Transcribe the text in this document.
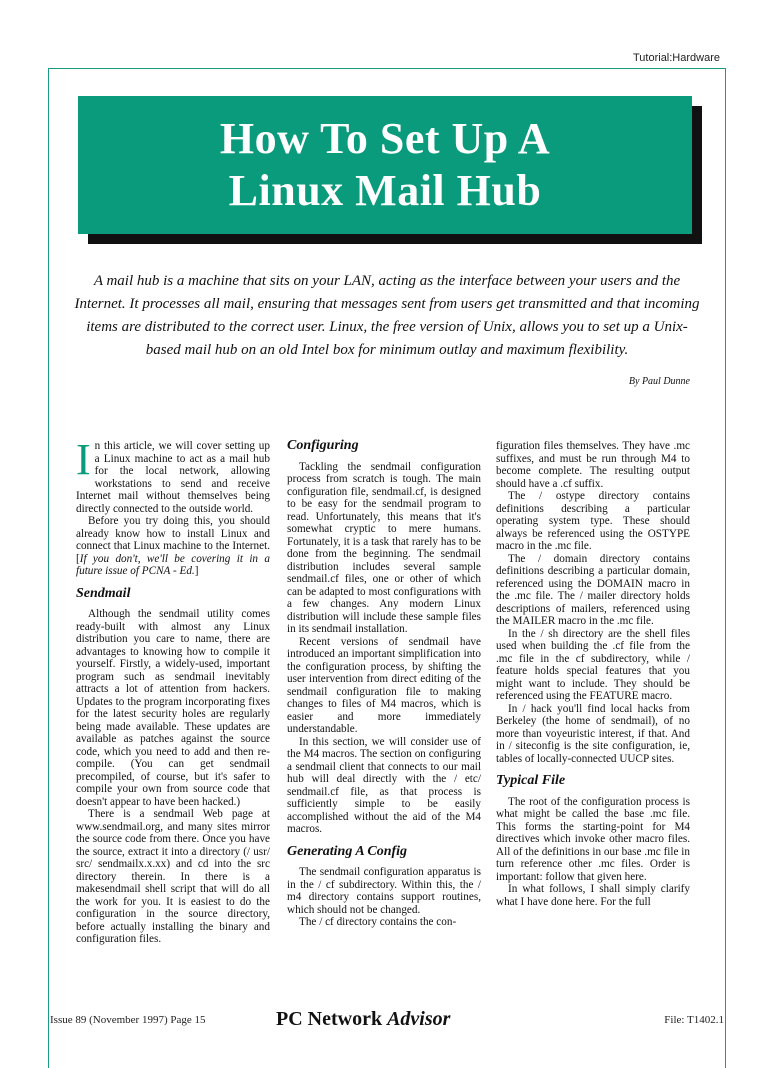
Tutorial:Hardware
How To Set Up A
Linux Mail Hub
A mail hub is a machine that sits on your LAN, acting as the interface between your users and the Internet. It processes all mail, ensuring that messages sent from users get transmitted and that incoming items are distributed to the correct user. Linux, the free version of Unix, allows you to set up a Unix-based mail hub on an old Intel box for minimum outlay and maximum flexibility.
By Paul Dunne

In this article, we will cover setting up a Linux machine to act as a mail hub for the local network, allowing workstations to send and receive Internet mail without themselves being directly connected to the outside world.

Before you try doing this, you should already know how to install Linux and connect that Linux machine to the Internet. [If you don't, we'll be covering it in a future issue of PCNA - Ed.]

Sendmail

Although the sendmail utility comes ready-built with almost any Linux distribution you care to name, there are advantages to knowing how to compile it yourself. Firstly, a widely-used, important program such as sendmail inevitably attracts a lot of attention from hackers. Updates to the program incorporating fixes for the latest security holes are regularly being made available. These updates are available as patches against the source code, which you need to add and then re-compile. (You can get sendmail precompiled, of course, but it's safer to compile your own from source code that doesn't appear to have been hacked.)

There is a sendmail Web page at www.sendmail.org, and many sites mirror the source code from there. Once you have the source, extract it into a directory (/ usr/ src/ sendmailx.x.xx) and cd into the src directory therein. In there is a makesendmail shell script that will do all the work for you. It is easiest to do the configuration in the source directory, before actually installing the binary and configuration files.

Configuring

Tackling the sendmail configuration process from scratch is tough. The main configuration file, sendmail.cf, is designed to be easy for the sendmail program to read. Unfortunately, this means that it's somewhat cryptic to mere humans. Fortunately, it is a task that rarely has to be done from the beginning. The sendmail distribution includes several sample sendmail.cf files, one or other of which can be adapted to most configurations with a few changes. Any modern Linux distribution will include these sample files in its sendmail installation.

Recent versions of sendmail have introduced an important simplification into the configuration process, by shifting the user intervention from direct editing of the sendmail configuration file to making changes to files of M4 macros, which is easier and more immediately understandable.

In this section, we will consider use of the M4 macros. The section on configuring a sendmail client that connects to our mail hub will deal directly with the / etc/ sendmail.cf file, as that process is sufficiently simple to be easily accomplished without the aid of the M4 macros.

Generating A Config

The sendmail configuration apparatus is in the / cf subdirectory. Within this, the / m4 directory contains support routines, which should not be changed.

The / cf directory contains the con-

figuration files themselves. They have .mc suffixes, and must be run through M4 to become complete. The resulting output should have a .cf suffix.

The / ostype directory contains definitions describing a particular operating system type. These should always be referenced using the OSTYPE macro in the .mc file.

The / domain directory contains definitions describing a particular domain, referenced using the DOMAIN macro in the .mc file. The / mailer directory holds descriptions of mailers, referenced using the MAILER macro in the .mc file.

In the / sh directory are the shell files used when building the .cf file from the .mc file in the cf subdirectory, while / feature holds special features that you might want to include. They should be referenced using the FEATURE macro.

In / hack you'll find local hacks from Berkeley (the home of sendmail), of no more than voyeuristic interest, if that. And in / siteconfig is the site configuration, ie, tables of locally-connected UUCP sites.

Typical File

The root of the configuration process is what might be called the base .mc file. This forms the starting-point for M4 directives which invoke other macro files. All of the definitions in our base .mc file in turn reference other .mc files. Order is important: follow that given here.

In what follows, I shall simply clarify what I have done here. For the full

Issue 89 (November 1997) Page 15	PC Network Advisor	File: T1402.1
